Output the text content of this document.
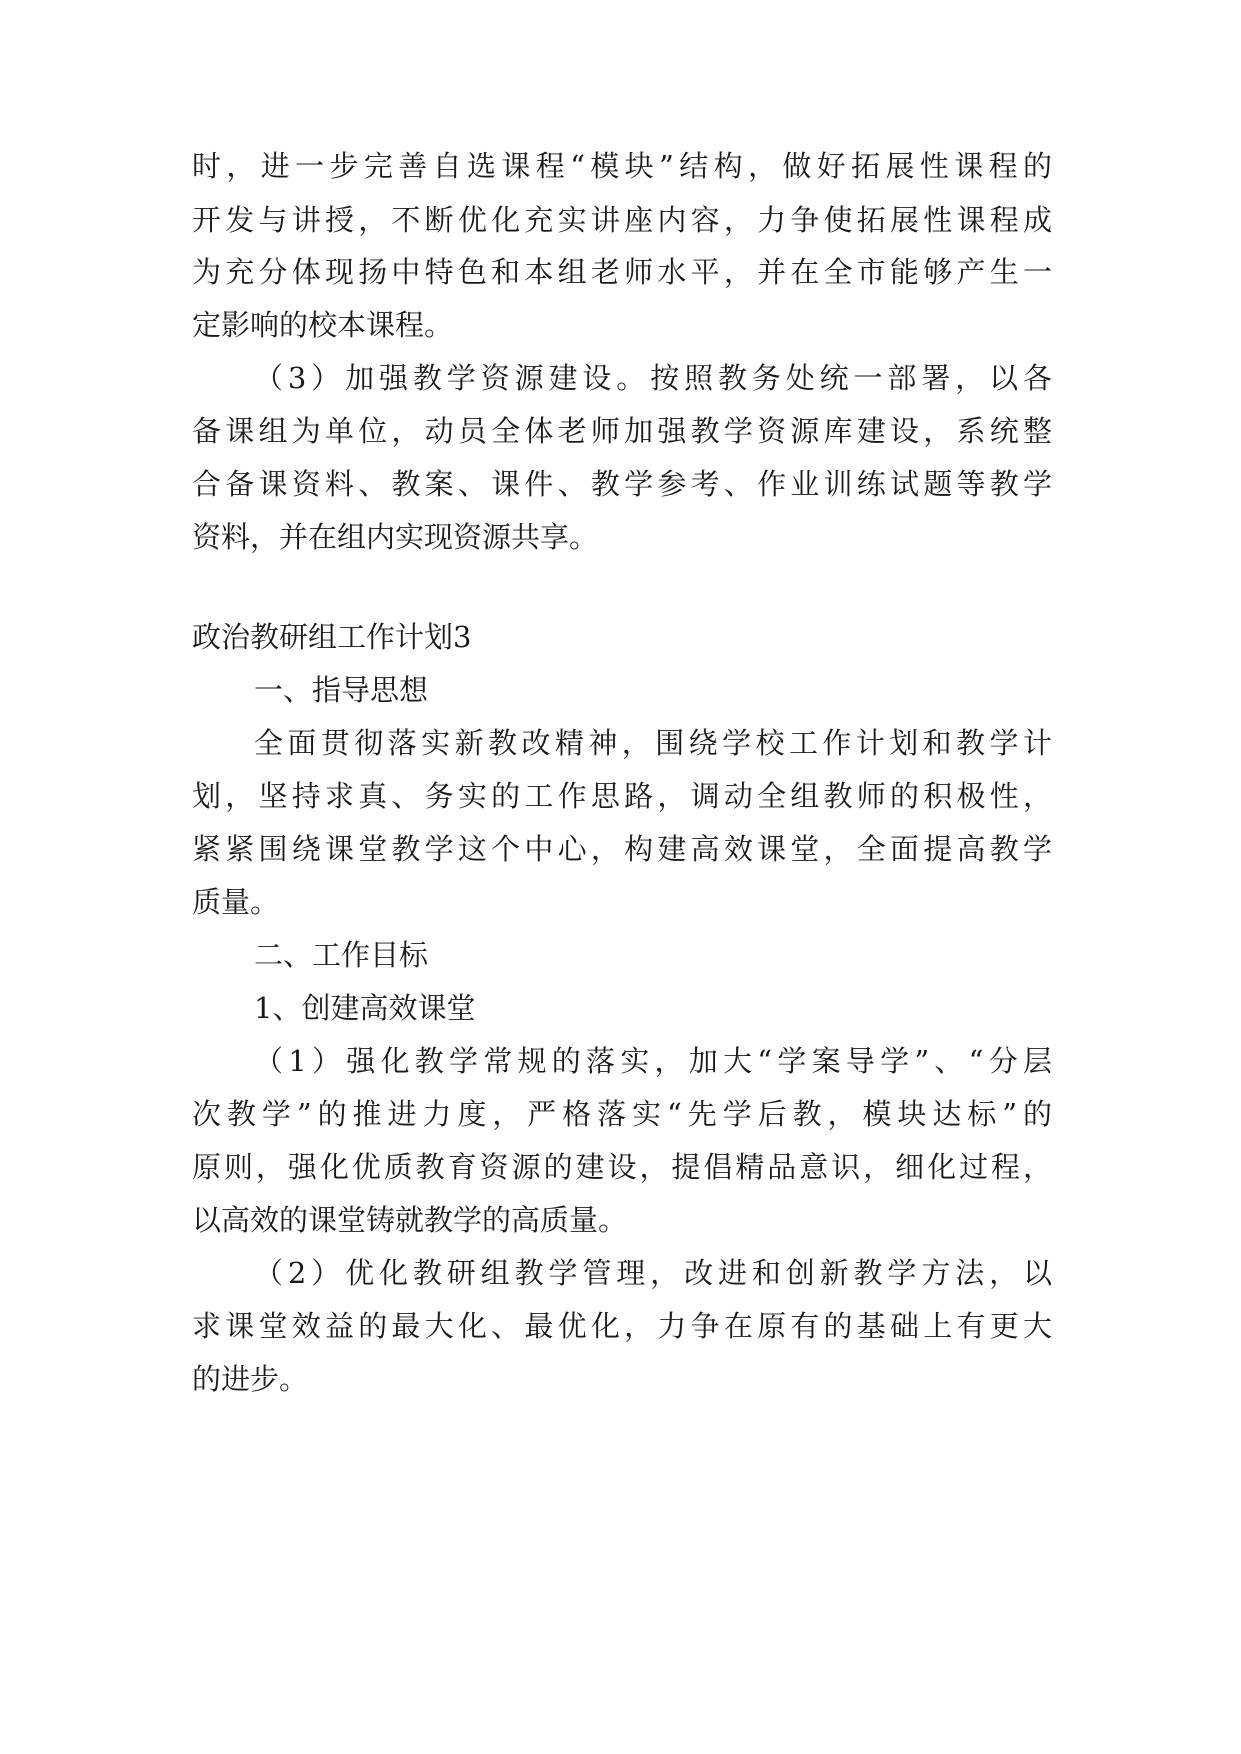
时，进一步完善自选课程“模块”结构，做好拓展性课程的
开发与讲授，不断优化充实讲座内容，力争使拓展性课程成
为充分体现扬中特色和本组老师水平，并在全市能够产生一
定影响的校本课程。
（3）加强教学资源建设。按照教务处统一部署，以各
备课组为单位，动员全体老师加强教学资源库建设，系统整
合备课资料、教案、课件、教学参考、作业训练试题等教学
资料，并在组内实现资源共享。
政治教研组工作计划3
一、指导思想
全面贯彻落实新教改精神，围绕学校工作计划和教学计
划，坚持求真、务实的工作思路，调动全组教师的积极性，
紧紧围绕课堂教学这个中心，构建高效课堂，全面提高教学
质量。
二、工作目标
1、创建高效课堂
（1）强化教学常规的落实，加大“学案导学”、“分层
次教学”的推进力度，严格落实“先学后教，模块达标”的
原则，强化优质教育资源的建设，提倡精品意识，细化过程，
以高效的课堂铸就教学的高质量。
（2）优化教研组教学管理，改进和创新教学方法，以
求课堂效益的最大化、最优化，力争在原有的基础上有更大
的进步。
